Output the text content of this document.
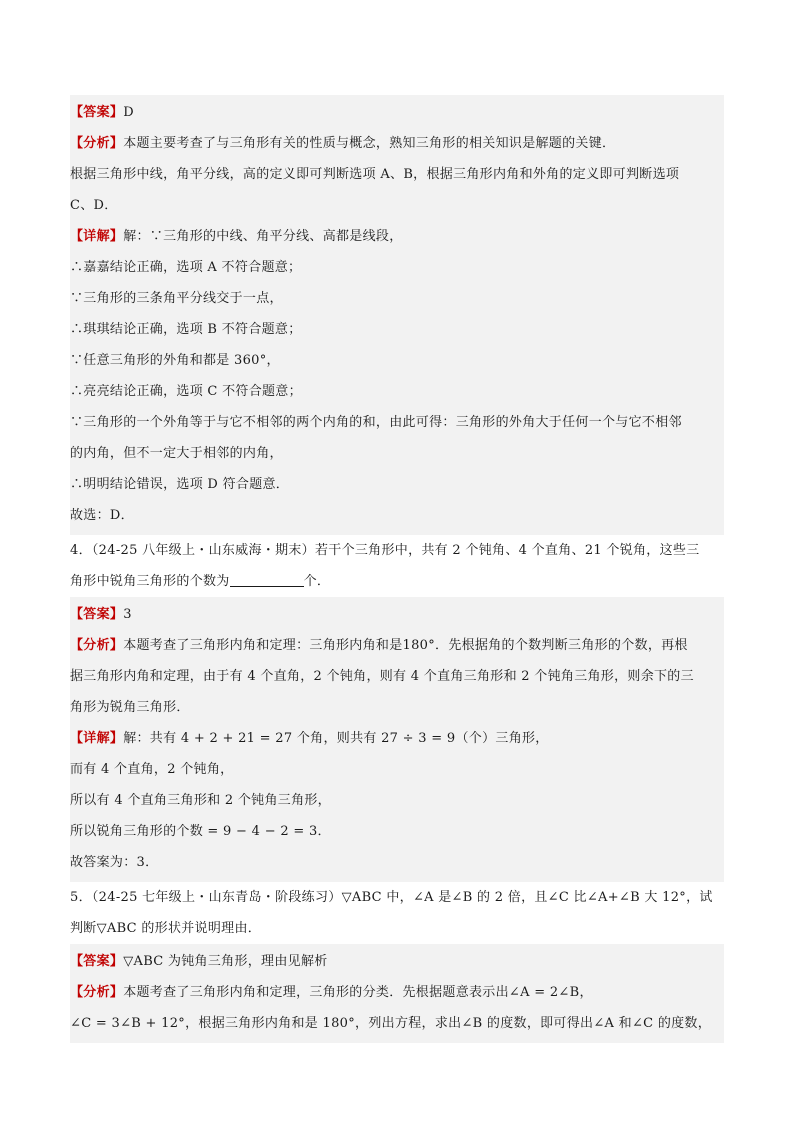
【答案】D
【分析】本题主要考查了与三角形有关的性质与概念，熟知三角形的相关知识是解题的关键．
根据三角形中线，角平分线，高的定义即可判断选项 A、B，根据三角形内角和外角的定义即可判断选项
C、D．
【详解】解：∵三角形的中线、角平分线、高都是线段，
∴嘉嘉结论正确，选项 A 不符合题意；
∵三角形的三条角平分线交于一点，
∴琪琪结论正确，选项 B 不符合题意；
∵任意三角形的外角和都是 360°，
∴亮亮结论正确，选项 C 不符合题意；
∵三角形的一个外角等于与它不相邻的两个内角的和，由此可得：三角形的外角大于任何一个与它不相邻
的内角，但不一定大于相邻的内角，
∴明明结论错误，选项 D 符合题意．
故选：D．
4．（24-25 八年级上・山东威海・期末）若干个三角形中，共有 2 个钝角、4 个直角、21 个锐角，这些三
角形中锐角三角形的个数为	个．
【答案】3
【分析】本题考查了三角形内角和定理：三角形内角和是180°．先根据角的个数判断三角形的个数，再根
据三角形内角和定理，由于有 4 个直角，2 个钝角，则有 4 个直角三角形和 2 个钝角三角形，则余下的三
角形为锐角三角形．
【详解】解：共有 4 + 2 + 21 = 27 个角，则共有 27 ÷ 3 = 9（个）三角形，
而有 4 个直角，2 个钝角，
所以有 4 个直角三角形和 2 个钝角三角形，
所以锐角三角形的个数 = 9 − 4 − 2 = 3．
故答案为：3．
5．（24-25 七年级上・山东青岛・阶段练习）▽ABC 中，∠A 是∠B 的 2 倍，且∠C 比∠A+∠B 大 12°，试
判断▽ABC 的形状并说明理由．
【答案】▽ABC 为钝角三角形，理由见解析
【分析】本题考查了三角形内角和定理，三角形的分类．先根据题意表示出∠A = 2∠B，
∠C = 3∠B + 12°，根据三角形内角和是 180°，列出方程，求出∠B 的度数，即可得出∠A 和∠C 的度数，
